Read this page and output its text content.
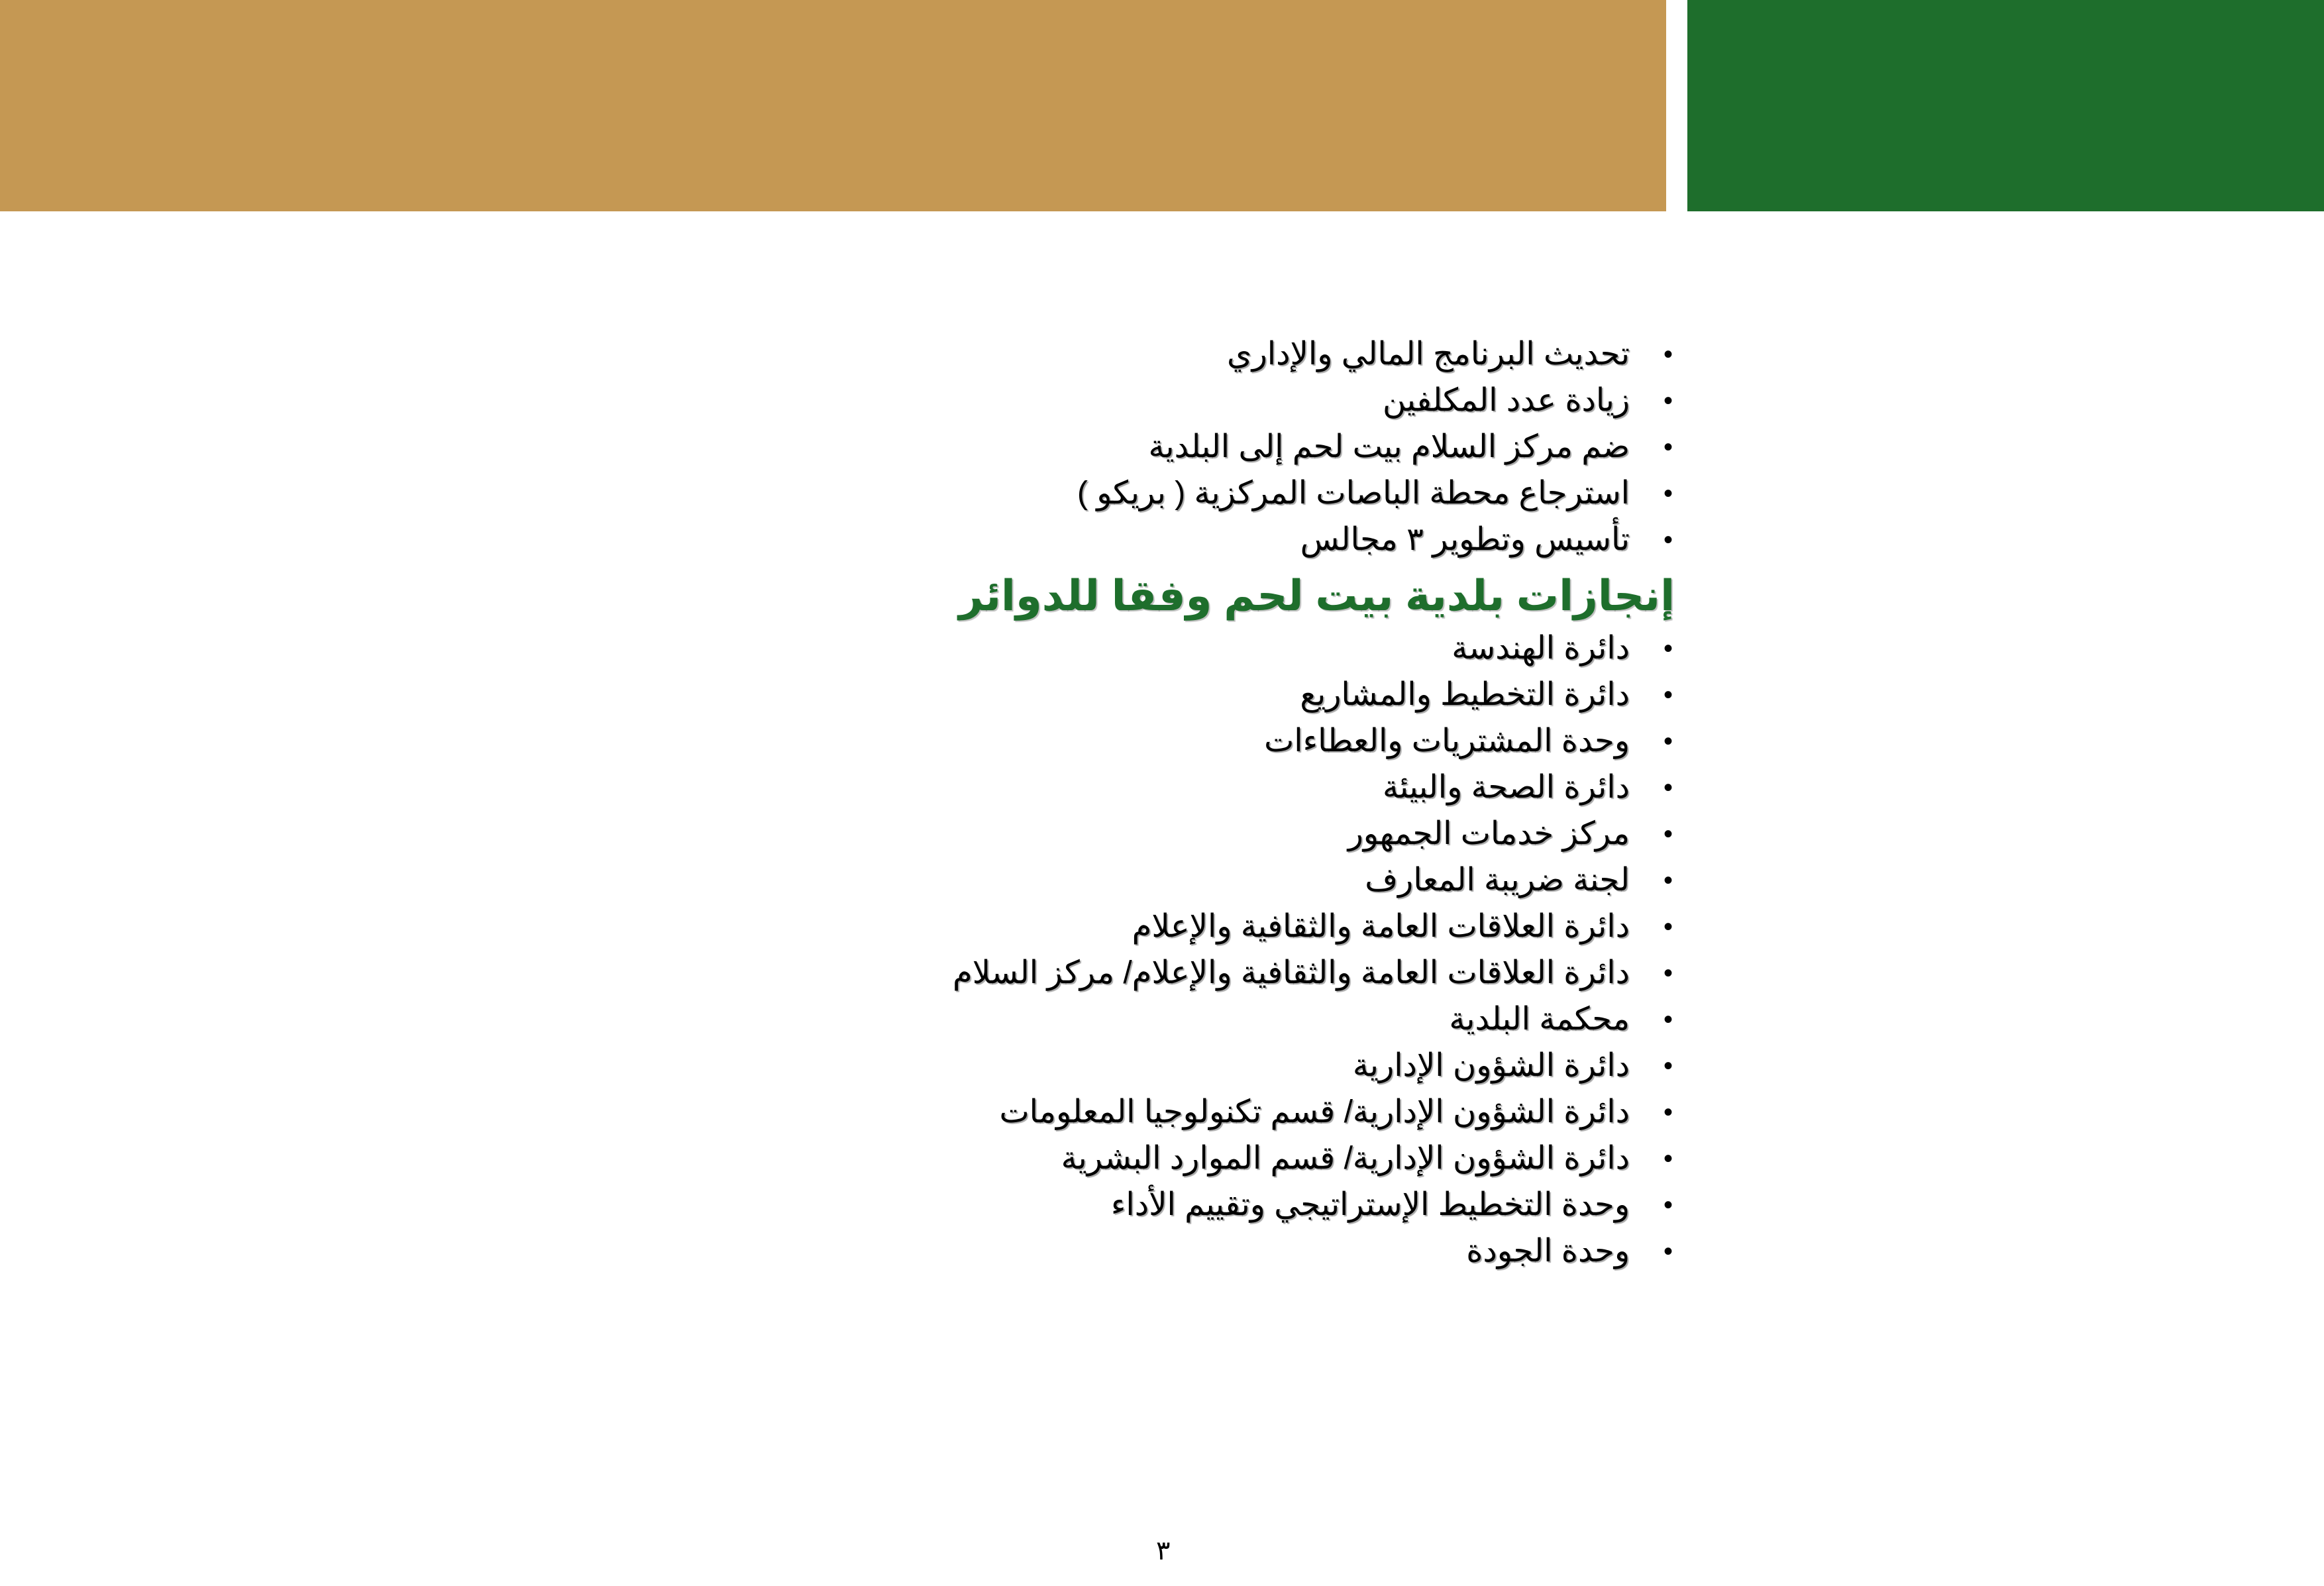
•
تحديث البرنامج المالي والإداري
•
زيادة عدد المكلفين
•
ضم مركز السلام بيت لحم إلى البلدية
•
استرجاع محطة الباصات المركزية ( بريكو )
•
تأسيس وتطوير ٣ مجالس
إنجازات بلدية بيت لحم وفقا للدوائر
•
دائرة الهندسة
•
دائرة التخطيط والمشاريع
•
وحدة المشتريات والعطاءات
•
دائرة الصحة والبيئة
•
مركز خدمات الجمهور
•
لجنة ضريبة المعارف
•
دائرة العلاقات العامة والثقافية والإعلام
•
دائرة العلاقات العامة والثقافية والإعلام/ مركز السلام
•
محكمة البلدية
•
دائرة الشؤون الإدارية
•
دائرة الشؤون الإدارية/ قسم تكنولوجيا المعلومات
•
دائرة الشؤون الإدارية/ قسم الموارد البشرية
•
وحدة التخطيط الإستراتيجي وتقييم الأداء
•
وحدة الجودة
٣
